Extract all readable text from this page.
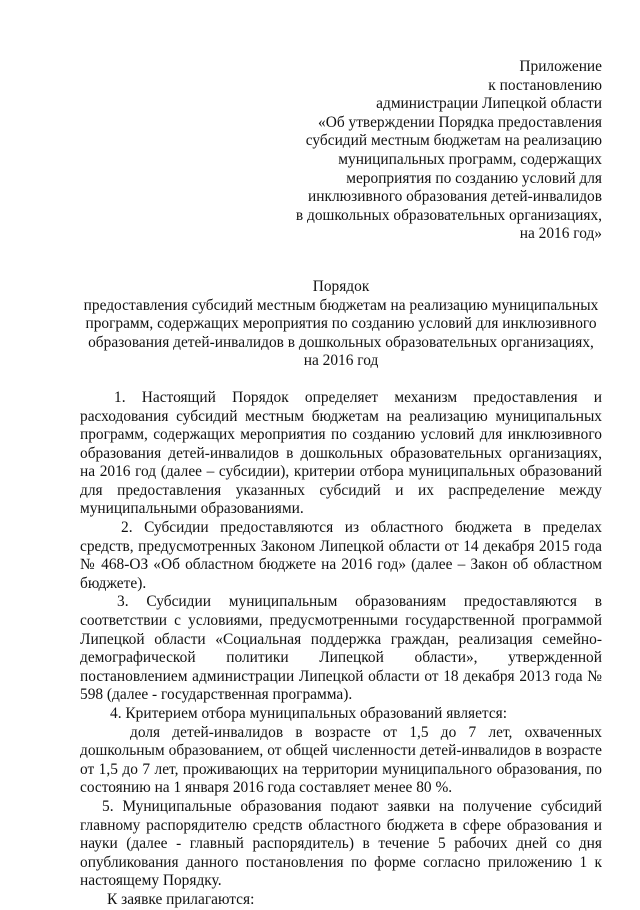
Приложение
к постановлению
администрации Липецкой области
«Об утверждении Порядка предоставления
субсидий местным бюджетам на реализацию
муниципальных программ, содержащих
мероприятия по созданию условий для
инклюзивного образования детей-инвалидов
в дошкольных образовательных организациях,
на 2016 год»
Порядок
предоставления субсидий местным бюджетам на реализацию муниципальных программ, содержащих мероприятия по созданию условий для инклюзивного образования детей-инвалидов в дошкольных образовательных организациях, на 2016 год

1. Настоящий Порядок определяет механизм предоставления и расходования субсидий местным бюджетам на реализацию муниципальных программ, содержащих мероприятия по созданию условий для инклюзивного образования детей-инвалидов в дошкольных образовательных организациях, на 2016 год (далее – субсидии), критерии отбора муниципальных образований для предоставления указанных субсидий и их распределение между муниципальными образованиями.

2. Субсидии предоставляются из областного бюджета в пределах средств, предусмотренных Законом Липецкой области от 14 декабря 2015 года № 468-ОЗ «Об областном бюджете на 2016 год» (далее – Закон об областном бюджете).

3. Субсидии муниципальным образованиям предоставляются в соответствии с условиями, предусмотренными государственной программой Липецкой области «Социальная поддержка граждан, реализация семейно-демографической политики Липецкой области», утвержденной постановлением администрации Липецкой области от 18 декабря 2013 года № 598 (далее - государственная программа).

4. Критерием отбора муниципальных образований является:

доля детей-инвалидов в возрасте от 1,5 до 7 лет, охваченных дошкольным образованием, от общей численности детей-инвалидов в возрасте от 1,5 до 7 лет, проживающих на территории муниципального образования, по состоянию на 1 января 2016 года составляет менее 80 %.

5. Муниципальные образования подают заявки на получение субсидий главному распорядителю средств областного бюджета в сфере образования и науки (далее - главный распорядитель) в течение 5 рабочих дней со дня опубликования данного постановления по форме согласно приложению 1 к настоящему Порядку.

К заявке прилагаются:
